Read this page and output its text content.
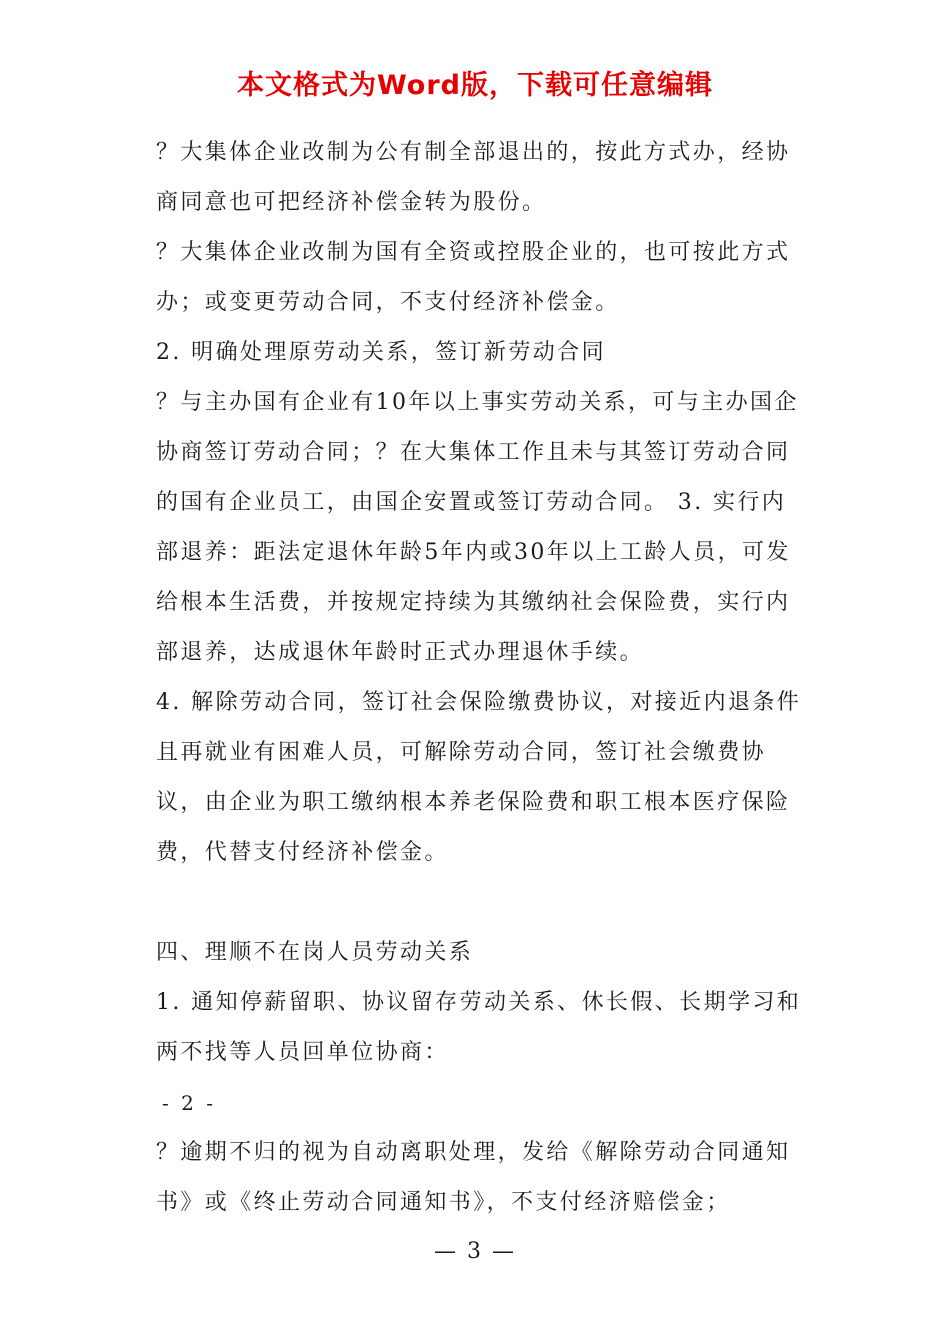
本文格式为Word版，下载可任意编辑

？大集体企业改制为公有制全部退出的，按此方式办，经协商同意也可把经济补偿金转为股份。

？大集体企业改制为国有全资或控股企业的，也可按此方式办；或变更劳动合同，不支付经济补偿金。

2. 明确处理原劳动关系，签订新劳动合同

？与主办国有企业有10年以上事实劳动关系，可与主办国企协商签订劳动合同；？在大集体工作且未与其签订劳动合同的国有企业员工，由国企安置或签订劳动合同。 3. 实行内部退养：距法定退休年龄5年内或30年以上工龄人员，可发给根本生活费，并按规定持续为其缴纳社会保险费，实行内部退养，达成退休年龄时正式办理退休手续。

4. 解除劳动合同，签订社会保险缴费协议，对接近内退条件且再就业有困难人员，可解除劳动合同，签订社会缴费协议，由企业为职工缴纳根本养老保险费和职工根本医疗保险费，代替支付经济补偿金。

四、理顺不在岗人员劳动关系

1. 通知停薪留职、协议留存劳动关系、休长假、长期学习和两不找等人员回单位协商：

- 2 -

？逾期不归的视为自动离职处理，发给《解除劳动合同通知书》或《终止劳动合同通知书》，不支付经济赔偿金；

— 3 —
